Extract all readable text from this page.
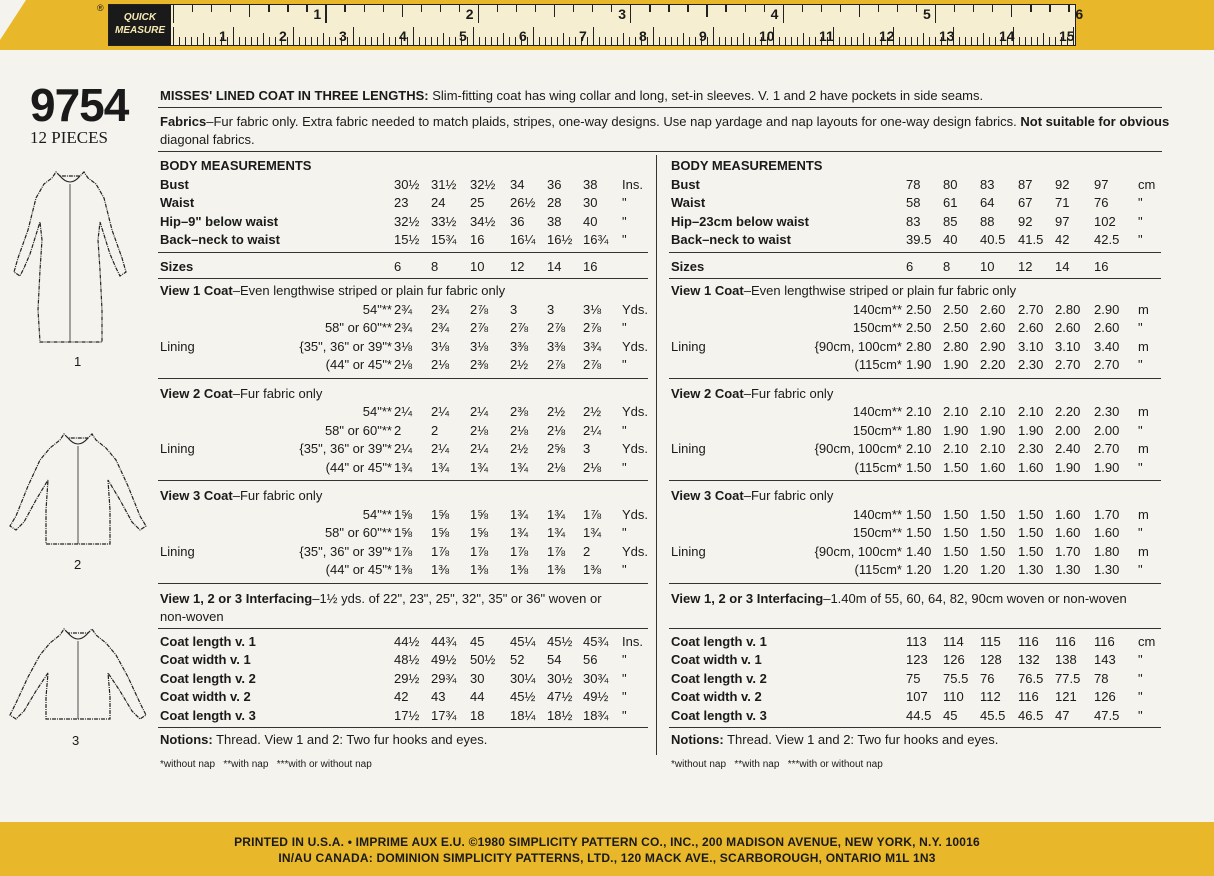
QUICK MEASURE
®
1	2	3	4	5	6	7	8	9	10	11	12	13	14	15
1	2	3	4	5	6
9754
12 PIECES
1
2
3
MISSES' LINED COAT IN THREE LENGTHS: Slim-fitting coat has wing collar and long, set-in sleeves. V. 1 and 2 have pockets in side seams.
Fabrics–Fur fabric only. Extra fabric needed to match plaids, stripes, one-way designs. Use nap yardage and nap layouts for one-way design fabrics. Not suitable for obvious
diagonal fabrics.
BODY MEASUREMENTS
Bust	30½ 31½ 32½ 34 36 38 Ins.
Waist	23 24 25 26½ 28 30 "
Hip–9" below waist	32½ 33½ 34½ 36 38 40 "
Back–neck to waist	15½ 15¾ 16 16¼ 16½ 16¾ "
Sizes	6 8 10 12 14 16
View 1 Coat–Even lengthwise striped or plain fur fabric only
54"** 2¾ 2¾ 2⅞ 3 3 3⅛ Yds.
58" or 60"** 2¾ 2¾ 2⅞ 2⅞ 2⅞ 2⅞ "
Lining	{35", 36" or 39"* 3⅛ 3⅛ 3⅛ 3⅜ 3⅜ 3¾ Yds.
(44" or 45"* 2⅛ 2⅛ 2⅜ 2½ 2⅞ 2⅞ "
View 2 Coat–Fur fabric only
54"** 2¼ 2¼ 2¼ 2⅜ 2½ 2½ Yds.
58" or 60"** 2 2 2⅛ 2⅛ 2⅛ 2¼ "
Lining	{35", 36" or 39"* 2¼ 2¼ 2¼ 2½ 2⅝ 3 Yds.
(44" or 45"* 1¾ 1¾ 1¾ 1¾ 2⅛ 2⅛ "
View 3 Coat–Fur fabric only
54"** 1⅝ 1⅝ 1⅝ 1¾ 1¾ 1⅞ Yds.
58" or 60"** 1⅝ 1⅝ 1⅝ 1¾ 1¾ 1¾ "
Lining	{35", 36" or 39"* 1⅞ 1⅞ 1⅞ 1⅞ 1⅞ 2 Yds.
(44" or 45"* 1⅜ 1⅜ 1⅜ 1⅜ 1⅜ 1⅜ "
View 1, 2 or 3 Interfacing–1½ yds. of 22", 23", 25", 32", 35" or 36" woven or
non-woven
Coat length v. 1	44½ 44¾ 45 45¼ 45½ 45¾ Ins.
Coat width v. 1	48½ 49½ 50½ 52 54 56 "
Coat length v. 2	29½ 29¾ 30 30¼ 30½ 30¾ "
Coat width v. 2	42 43 44 45½ 47½ 49½ "
Coat length v. 3	17½ 17¾ 18 18¼ 18½ 18¾ "
Notions: Thread. View 1 and 2: Two fur hooks and eyes.
*without nap   **with nap   ***with or without nap
BODY MEASUREMENTS
Bust	78 80 83 87 92 97 cm
Waist	58 61 64 67 71 76 "
Hip–23cm below waist	83 85 88 92 97 102 "
Back–neck to waist	39.5 40 40.5 41.5 42 42.5 "
Sizes	6 8 10 12 14 16
View 1 Coat–Even lengthwise striped or plain fur fabric only
140cm** 2.50 2.50 2.60 2.70 2.80 2.90 m
150cm** 2.50 2.50 2.60 2.60 2.60 2.60 "
Lining	{90cm, 100cm* 2.80 2.80 2.90 3.10 3.10 3.40 m
(115cm* 1.90 1.90 2.20 2.30 2.70 2.70 "
View 2 Coat–Fur fabric only
140cm** 2.10 2.10 2.10 2.10 2.20 2.30 m
150cm** 1.80 1.90 1.90 1.90 2.00 2.00 "
Lining	{90cm, 100cm* 2.10 2.10 2.10 2.30 2.40 2.70 m
(115cm* 1.50 1.50 1.60 1.60 1.90 1.90 "
View 3 Coat–Fur fabric only
140cm** 1.50 1.50 1.50 1.50 1.60 1.70 m
150cm** 1.50 1.50 1.50 1.50 1.60 1.60 "
Lining	{90cm, 100cm* 1.40 1.50 1.50 1.50 1.70 1.80 m
(115cm* 1.20 1.20 1.20 1.30 1.30 1.30 "
View 1, 2 or 3 Interfacing–1.40m of 55, 60, 64, 82, 90cm woven or non-woven
Coat length v. 1	113 114 115 116 116 116 cm
Coat width v. 1	123 126 128 132 138 143 "
Coat length v. 2	75 75.5 76 76.5 77.5 78 "
Coat width v. 2	107 110 112 116 121 126 "
Coat length v. 3	44.5 45 45.5 46.5 47 47.5 "
Notions: Thread. View 1 and 2: Two fur hooks and eyes.
*without nap   **with nap   ***with or without nap
PRINTED IN U.S.A. • IMPRIME AUX E.U. ©1980 SIMPLICITY PATTERN CO., INC., 200 MADISON AVENUE, NEW YORK, N.Y. 10016
IN/AU CANADA: DOMINION SIMPLICITY PATTERNS, LTD., 120 MACK AVE., SCARBOROUGH, ONTARIO M1L 1N3
